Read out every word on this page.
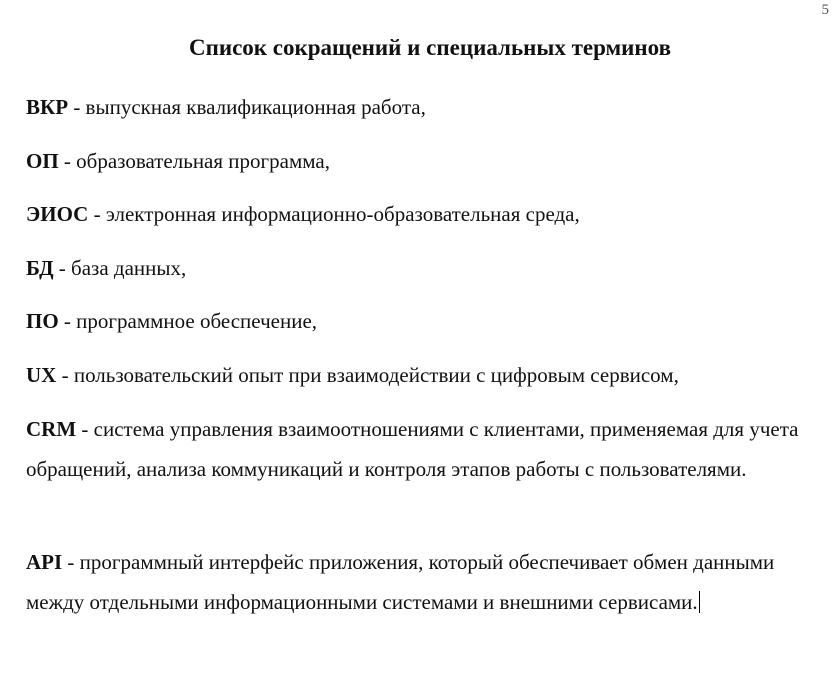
5
Список сокращений и специальных терминов

ВКР - выпускная квалификационная работа,

ОП - образовательная программа,

ЭИОС - электронная информационно-образовательная среда,

БД - база данных,

ПО - программное обеспечение,

UX - пользовательский опыт при взаимодействии с цифровым сервисом,

CRM - система управления взаимоотношениями с клиентами, применяемая для учета обращений, анализа коммуникаций и контроля этапов работы с пользователями.

API - программный интерфейс приложения, который обеспечивает обмен данными между отдельными информационными системами и внешними сервисами.
